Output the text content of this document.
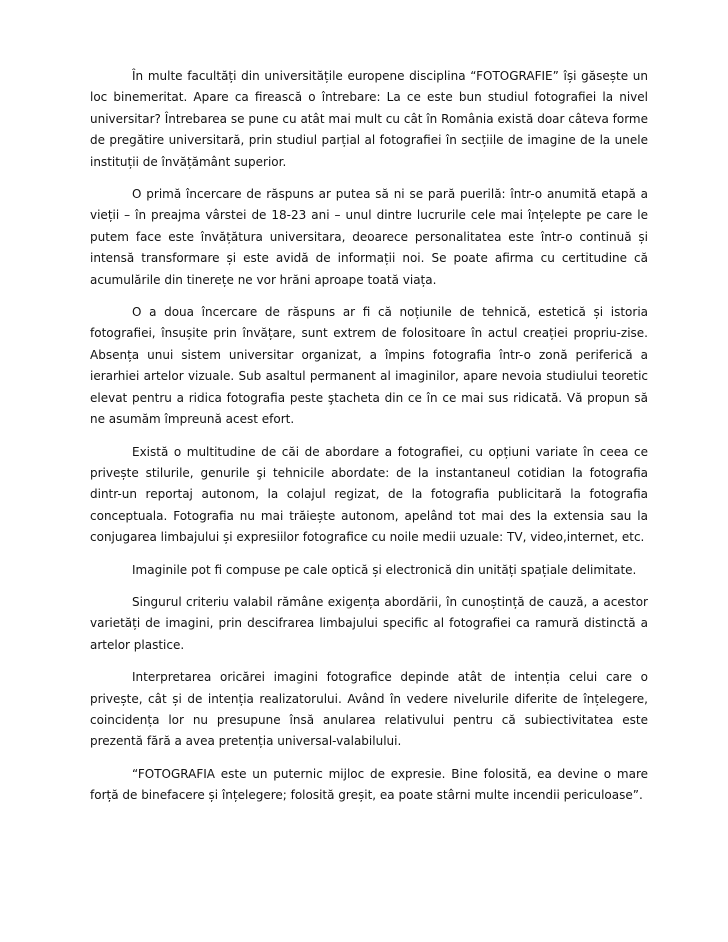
În multe facultăți din universitățile europene disciplina “FOTOGRAFIE” își găsește un loc binemeritat. Apare ca firească o întrebare: La ce este bun studiul fotografiei la nivel universitar? Întrebarea se pune cu atât mai mult cu cât în România există doar câteva forme de pregătire universitară, prin studiul parțial al fotografiei în secțiile de imagine de la unele instituții de învățământ superior.

O primă încercare de răspuns ar putea să ni se pară puerilă: într-o anumită etapă a vieții – în preajma vârstei de 18-23 ani – unul dintre lucrurile cele mai înțelepte pe care le putem face este învățătura universitara, deoarece personalitatea este într-o continuă și intensă transformare și este avidă de informații noi. Se poate afirma cu certitudine că acumulările din tinerețe ne vor hrăni aproape toată viața.

O a doua încercare de răspuns ar fi că noțiunile de tehnică, estetică și istoria fotografiei, însușite prin învățare, sunt extrem de folositoare în actul creației propriu-zise. Absența unui sistem universitar organizat, a împins fotografia într-o zonă periferică a ierarhiei artelor vizuale. Sub asaltul permanent al imaginilor, apare nevoia studiului teoretic elevat pentru a ridica fotografia peste ştacheta din ce în ce mai sus ridicată. Vă propun să ne asumăm împreună acest efort.

Există o multitudine de căi de abordare a fotografiei, cu opțiuni variate în ceea ce privește stilurile, genurile şi tehnicile abordate: de la instantaneul cotidian la fotografia dintr-un reportaj autonom, la colajul regizat, de la fotografia publicitară la fotografia conceptuala. Fotografia nu mai trăiește autonom, apelând tot mai des la extensia sau la conjugarea limbajului și expresiilor fotografice cu noile medii uzuale: TV, video,internet, etc.

Imaginile pot fi compuse pe cale optică și electronică din unități spațiale delimitate.

Singurul criteriu valabil rămâne exigența abordării, în cunoștință de cauză, a acestor varietăți de imagini, prin descifrarea limbajului specific al fotografiei ca ramură distinctă a artelor plastice.

Interpretarea oricărei imagini fotografice depinde atât de intenția celui care o privește, cât și de intenția realizatorului. Având în vedere nivelurile diferite de înțelegere, coincidența lor nu presupune însă anularea relativului pentru că subiectivitatea este prezentă fără a avea pretenția universal-valabilului.

“FOTOGRAFIA este un puternic mijloc de expresie. Bine folosită, ea devine o mare forță de binefacere și înțelegere; folosită greșit, ea poate stârni multe incendii periculoase”.
